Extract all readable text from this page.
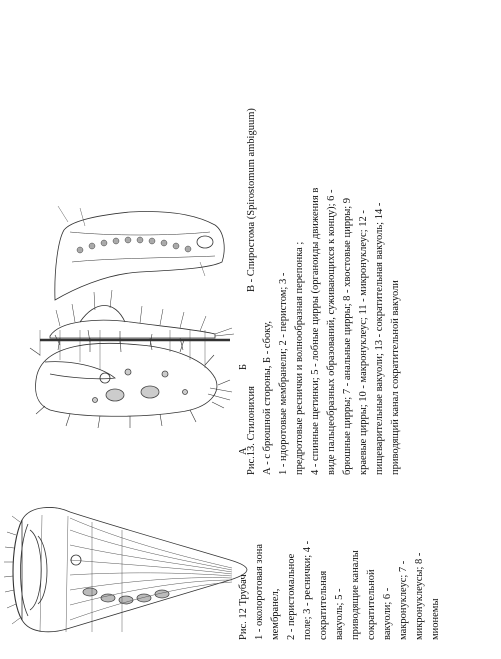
Рис. 12 Трубач 1 - околоротовая зона мембранел, 2 - перистомальное поле; 3 - реснички; 4 - сократительная вакуоль; 5 - приводящие каналы сократительной вакуоли; 6 - макронуклеус; 7 - микронуклеусы; 8 - мионемы
Рис.13. Стилонихия А - с брюшной стороны, Б - сбоку, 1 - ндоротовые мембранели; 2 - перистом; 3 - предротовые реснички и волнообразная перепонка ; 4 - спинные щетинки; 5 - лобные цирры (органоиды движения в виде пальцеобразных образований, суживающихся к концу); 6 - брюшные цирры; 7 - анальные цирры; 8 - хвостовые цирры; 9 краевые цирры; 10 - макронуклеус; 11 - микронуклеус; 12 - пищеварительные вакуоли; 13 - сократительная вакуоль; 14 - приводящий канал сократительной вакуоли
А
Б
В - Спиростома (Spirostomum ambiguum)
